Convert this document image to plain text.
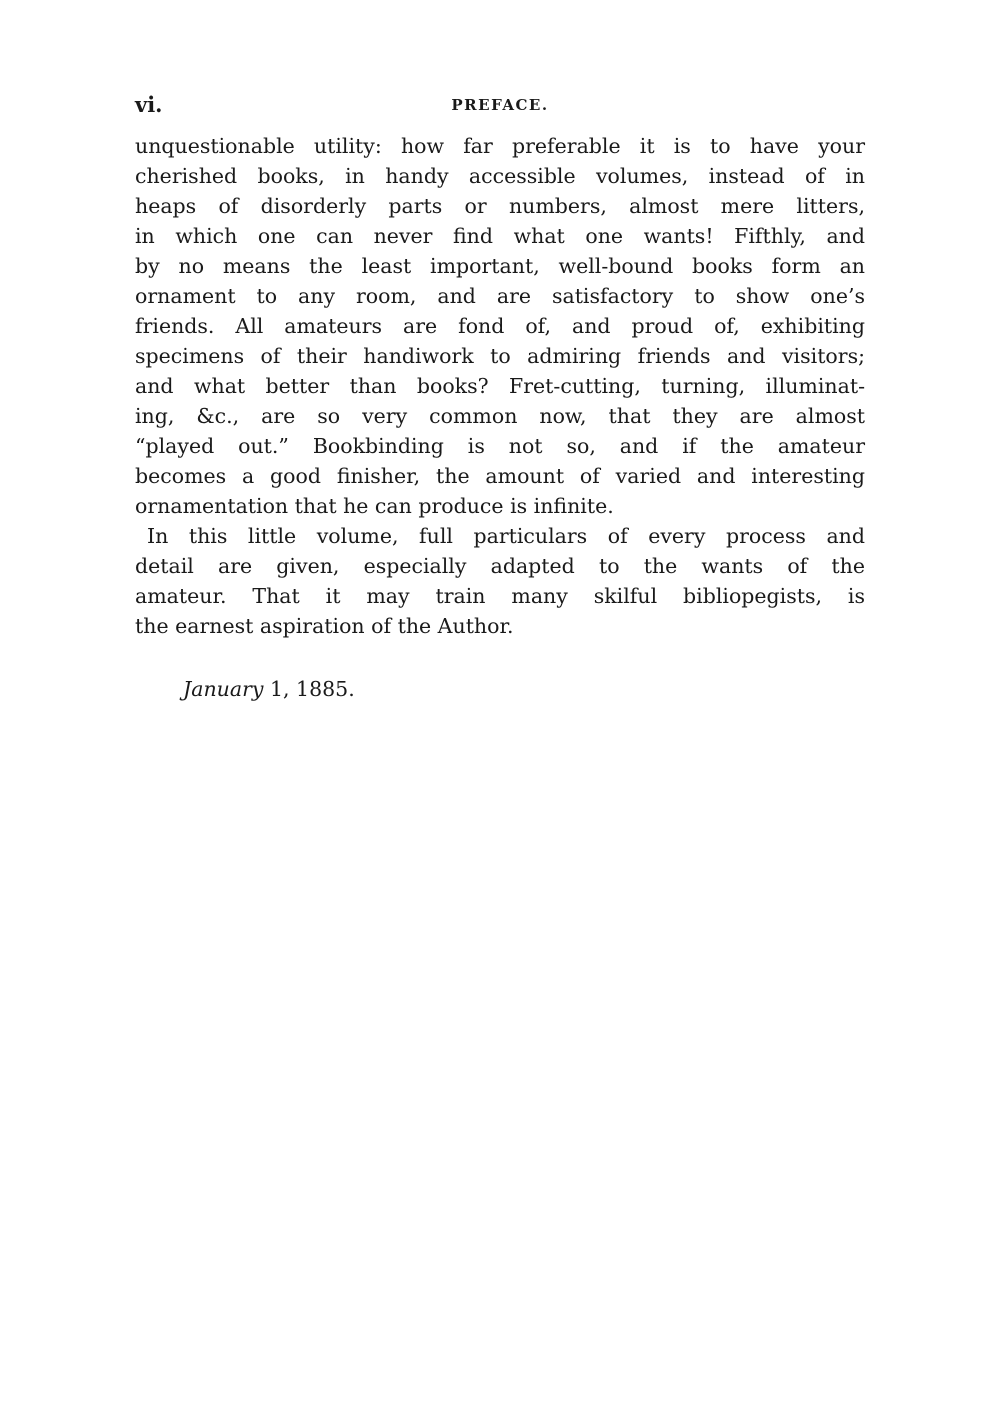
vi.	PREFACE.
unquestionable utility: how far preferable it is to have your
cherished books, in handy accessible volumes, instead of in
heaps of disorderly parts or numbers, almost mere litters,
in which one can never find what one wants! Fifthly, and
by no means the least important, well-bound books form an
ornament to any room, and are satisfactory to show one’s
friends. All amateurs are fond of, and proud of, exhibiting
specimens of their handiwork to admiring friends and visitors;
and what better than books? Fret-cutting, turning, illuminat-
ing, &c., are so very common now, that they are almost
“played out.” Bookbinding is not so, and if the amateur
becomes a good finisher, the amount of varied and interesting
ornamentation that he can produce is infinite.
In this little volume, full particulars of every process and
detail are given, especially adapted to the wants of the
amateur. That it may train many skilful bibliopegists, is
the earnest aspiration of the Author.
January 1, 1885.
